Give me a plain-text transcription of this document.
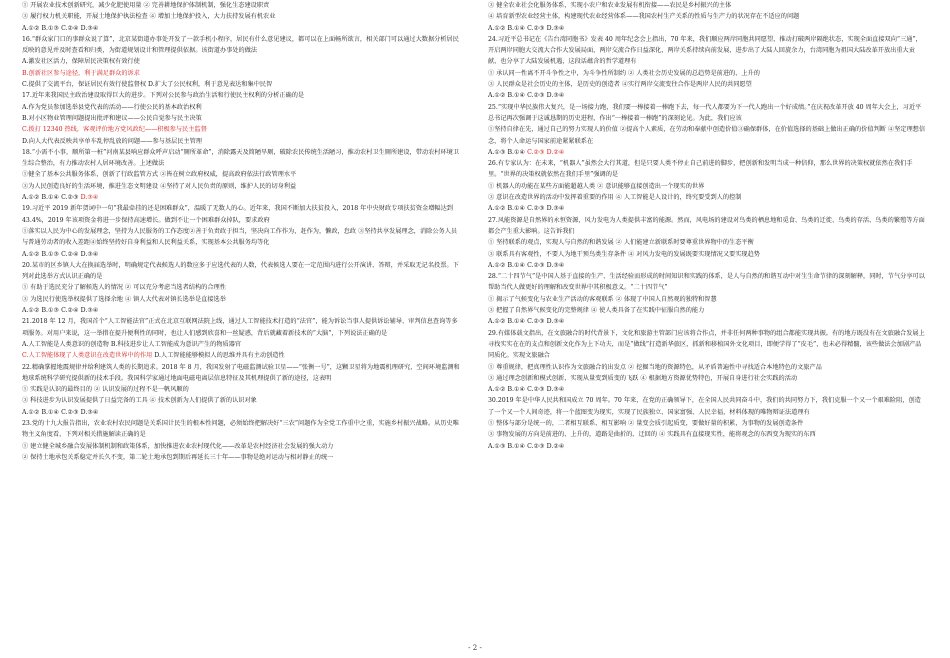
① 开展农业技术创新研究，减少化肥使用量 ② 完善耕地保护体制机制，强化生态建设职责
③ 履行权力机关职能，开展土地保护执法检查 ④ 增加土地保护投入，大力扶持发展有机农业
A.①② B.①③ C.②④ D.③④
16.“群众家门口的事群众说了算”，北京某街道办事处开发了一款手机小程序，居民有什么意见建议，都可以在上面畅所欲言，相关部门可以通过大数据分析居民反映的意见并及时查看和归类，为街道规划设计和管理提供依据。该街道办事处的做法
A.激发社区活力，保障居民决策权有效行使
B.创新社区参与途径，利于满足群众的诉求
C.提供了交流平台，保证居民有效行使监督权 D.扩大了公民权利，利于意见表达和集中民智
17.近年来我国民主政治建设取得巨大的进步。下列对公民参与政治生活和行使民主权利的分析正确的是
A.作为党员参加选举县党代表的活动——行使公民的基本政治权利
B.对小区物业管理问题提出批评和建议——公民自觉参与民主决策
C.拨打 12340 热线，客观评价地方党风政纪——积极参与民主监督
D.向人大代表反映共享单车乱停乱放的问题——参与基层民主管理
18.“小需不小事，顺所第一桩”河南某县响应群众呼声启动“厕所革命”，消除露天及简陋旱厕，破除农民传统生活陋习，推动农村卫生厕所建设，带动农村环境卫生综合整治，有力推动农村人居环境改善。上述做法
①健全了基本公共服务体系，创新了行政监管方式 ②皆在树立政府权威，提高政府依法行政管理水平
③为人民创造良好的生活环境，推进生态文明建设 ④坚持了对人民负责的原则，维护人民的切身利益
A.①② B.①④ C.②③ D.③④
19.习近平 2019 新年贺词中一句“我最牵挂的还是困难群众”，温暖了无数人的心。近年来，我国不断加大扶贫投入，2018 年中央财政专项扶贫资金增幅达到 43.4%，2019 年该项资金将进一步保持高速增长。做到不让一个困难群众掉队，要求政府
①落实以人民为中心的发展理念，坚持为人民服务的工作态度②善于负责政于担当，坚决向工作作为，赶作为，懒政，怠政 ③坚持共享发展理念，消除公务人员与普通劳动者的收入差距④始终坚持好自身利益和人民利益关系，实现基本公共服务均等化
A.①② B.①③ C.②④ D.③④
20.某市的区乡镇人大在换届选举时，明确规定代表候选人的数应多于应选代表的人数，代表候选人要在一定范围内进行公开演讲、答辩，并采取无记名投票。下列对此选举方式认识正确的是
① 有助于选民充分了解候选人的情况 ② 可以充分考虑当选者结构的合理性
③ 为选民行使选举权提供了选择余地 ④ 镇人大代表对镇长选举是直接选举
A.①② B.①③ C.②④ D.③④
21.2018 年 12 月，我国首个“人工智能法官”正式在北京互联网法院上线，通过人工智能技术打造的“法官”，能为诉讼当事人提供诉讼辅导、审判信息查询等多项服务。对用户来说，这一举措在提升便利性的同时，也让人们感到欣喜和一丝疑惑，背后就藏着新技术的“大脑”，下列说法正确的是
A.人工智能是人类意识的创造物 B.科技进步让人工智能成为意识产生的物质器官
C.人工智能体现了人类意识在改造世界中的作用 D.人工智能能够模拟人的思维并具有主动创造性
22.精确掌握地震规律并给利建筑人类的长期追求。2018 年 8 月，我国发射了电磁监测试验卫星——“张衡一号”，这颗卫星将为地震机理研究、空间环境监测和地球系统科学研究提供新的技术手段。我国科学家通过地面电磁电离层信息特征及其机理提供了新的途径，这表明
① 实践是认识的最终目的 ② 认识发展的过程不是一帆风顺的
③ 科技进步为认识发展提供了日益完备的工具 ④ 技术创新为人们提供了新的认识对象
A.①② B.①④ C.②③ D.③④
23.党的十九大报告指出，农业农村农民问题是关系国计民生的根本性问题，必须始终把解决好“三农”问题作为全党工作重中之重，实施乡村振兴战略。从历史唯物主义角度看，下列对相关措施解读正确的是
① 建立健全城乡融合发展体制机制和政策体系，加快推进农业农村现代化——改革是农村经济社会发展的强大动力
② 保持土地承包关系稳定并长久不变，第二轮土地承包到期后再延长三十年——事物是绝对运动与相对静止的统一
③ 健全农业社会化服务体系，实现小农户和农业发展有机衔接——农民是乡村振兴的主体
④ 培育新型农业经营主体，构建现代农业经营体系——我国农村生产关系的性质与生产力的状况存在不适应的问题
A.①② B.①④ C.②③ D.③④
24.习近平总书记在《告台湾同胞书》发表 40 周年纪念会上指出，70 年来，我们顺应两岸同胞共同愿望，推动打破两岸隔绝状态，实现全面直接双向“三通”，开启两岸同胞大交流大合作大发展局面，两岸交流合作日益深化，两岸关系持续向前发展，进步出了大陆人回旋余力，台湾同胞为祖国大陆改革开放出重大贡献，也分享了大陆发展机遇，这段话蕴含的哲学道理有
① 承认同一性离不开斗争性之中，为斗争性所制约 ② 人类社会历史发展的总趋势是前进的、上升的
③ 人民群众是社会历史的主体，是历史的创造者 ④实行两岸交流变往合作是两岸人民的共同愿望
A.①② B.①④ C.②③ D.③④
25.“实现中华民族伟大复兴，是一场接力跑，我们要一棒接着一棒跑下去，每一代人都要为下一代人跑出一个好成绩。”在庆祝改革开放 40 周年大会上，习近平总书记再次强调于这诚恳期的历史进程，作出“一棒接着一棒跑”的深刻论见。为此，我们应该
①坚持自律在先，通过自己的努力实现人的价值 ②提高个人素质，在劳动和奉献中创造价值③确保群体，在价值选择的基础上做出正确的价值判断 ④坚定理想信念，将个人命运与国家前途紧紧联系在
A.①③ B.①④ C.②③ D.②④
26.有专家认为：在未来，“机器人”虽然会大行其道，但是只要人类不停止自己前进的脚步，把创新和发明当成一种信仰，那么世界的决策权就依然在我们手里。“世界的决策权就依然在我们手里”强调的是
① 机器人的功能在某些方面能超越人类 ② 意识能够直接创造出一个现实的世界
③ 意识在改造世界的活动中发挥着重要的作用 ④ 人工智能是人设计的，终究要受到人的控制
A.①② B.①④ C.②③ D.③④
27.风能资源是自然界的永恒资源，风力发电为人类提供丰富的能源。然而，风电场的建设对鸟类的栖息地和觅食、鸟类的迁徙、鸟类的存活、鸟类的繁殖等方面都会产生重大影响。这告诉我们
① 坚持联系的观点，实现人与自然的和谐发展 ② 人们能建立新联系时要尊重世界物中的生态平衡
③ 联系具有客观性，不要人为地干预鸟类生存条件 ④ 对风力发电的发展既要实现情况又要实现趋势
A.①② B.①④ C.②③ D.③④
28.“二十四节气”是中国人基于直接的生产、生活经验而形成的时间知识和实践的体系，是人与自然的和谐互动中对生生命节律的深刻解释，同时，节气分享可以帮助当代人做更好的理解和改变世界中其积极意义。“二十四节气”
① 揭示了气候变化与农业生产活动的客观联系 ② 体现了中国人自然观的独特和智慧
③ 把握了自然界气候变化的完整规律 ④ 使人类具备了在实践中征服自然的能力
A.①② B.①④ C.②③ D.③④
29.有媒体载文指出，在文旅融合的时代背景下，文化和旅游主管部门应该将合作点，并非任何两种事物的组合都能实现共振。有的地方既没有在文旅融合发展上寻找实实在在的支点和创新文化作为上下功夫，而是“做线”打造新华旅区，抓新和移植国外文化项目，即便学得了“皮毛”，也未必得精髓，该些做法会加剧产品同质化。实现文旅融合
① 尊重规律，把真理性认识作为文旅融合的出发点 ② 挖掘当地的资源特色，从矛盾普遍性中寻找适合本地特色的文旅产品
③ 通过理念创新和模式创新，实现从量变到质变的飞跃 ④ 根据地方资源优势特色，开展自身进行社会实践的活动
A.①② B.①④ C.②③ D.③④
30.2019 年是中华人民共和国成立 70 周年。70 年来，在党的正确领导下，在全国人民共同奋斗中，我们的共同努力下，我们克服一个又一个艰难险阻，创造了一个又一个人间奇迹，将一个蓝图变为现实，实现了民族独立、国家富强、人民幸福，材料体现的唯物辩证法道理有
① 整体与部分是统一的，二者相互联系、相互影响 ② 量变会质引起质变，要做好量的积累，为事物的发展创造条件
③ 事物发展的方向是前进的、上升的，道路是曲折的、迂回的 ④ 实践具有直接现实性，能将观念的东西变为现实的东西
A.①③ B.①④ C.②③ D.②④
- 2 -
